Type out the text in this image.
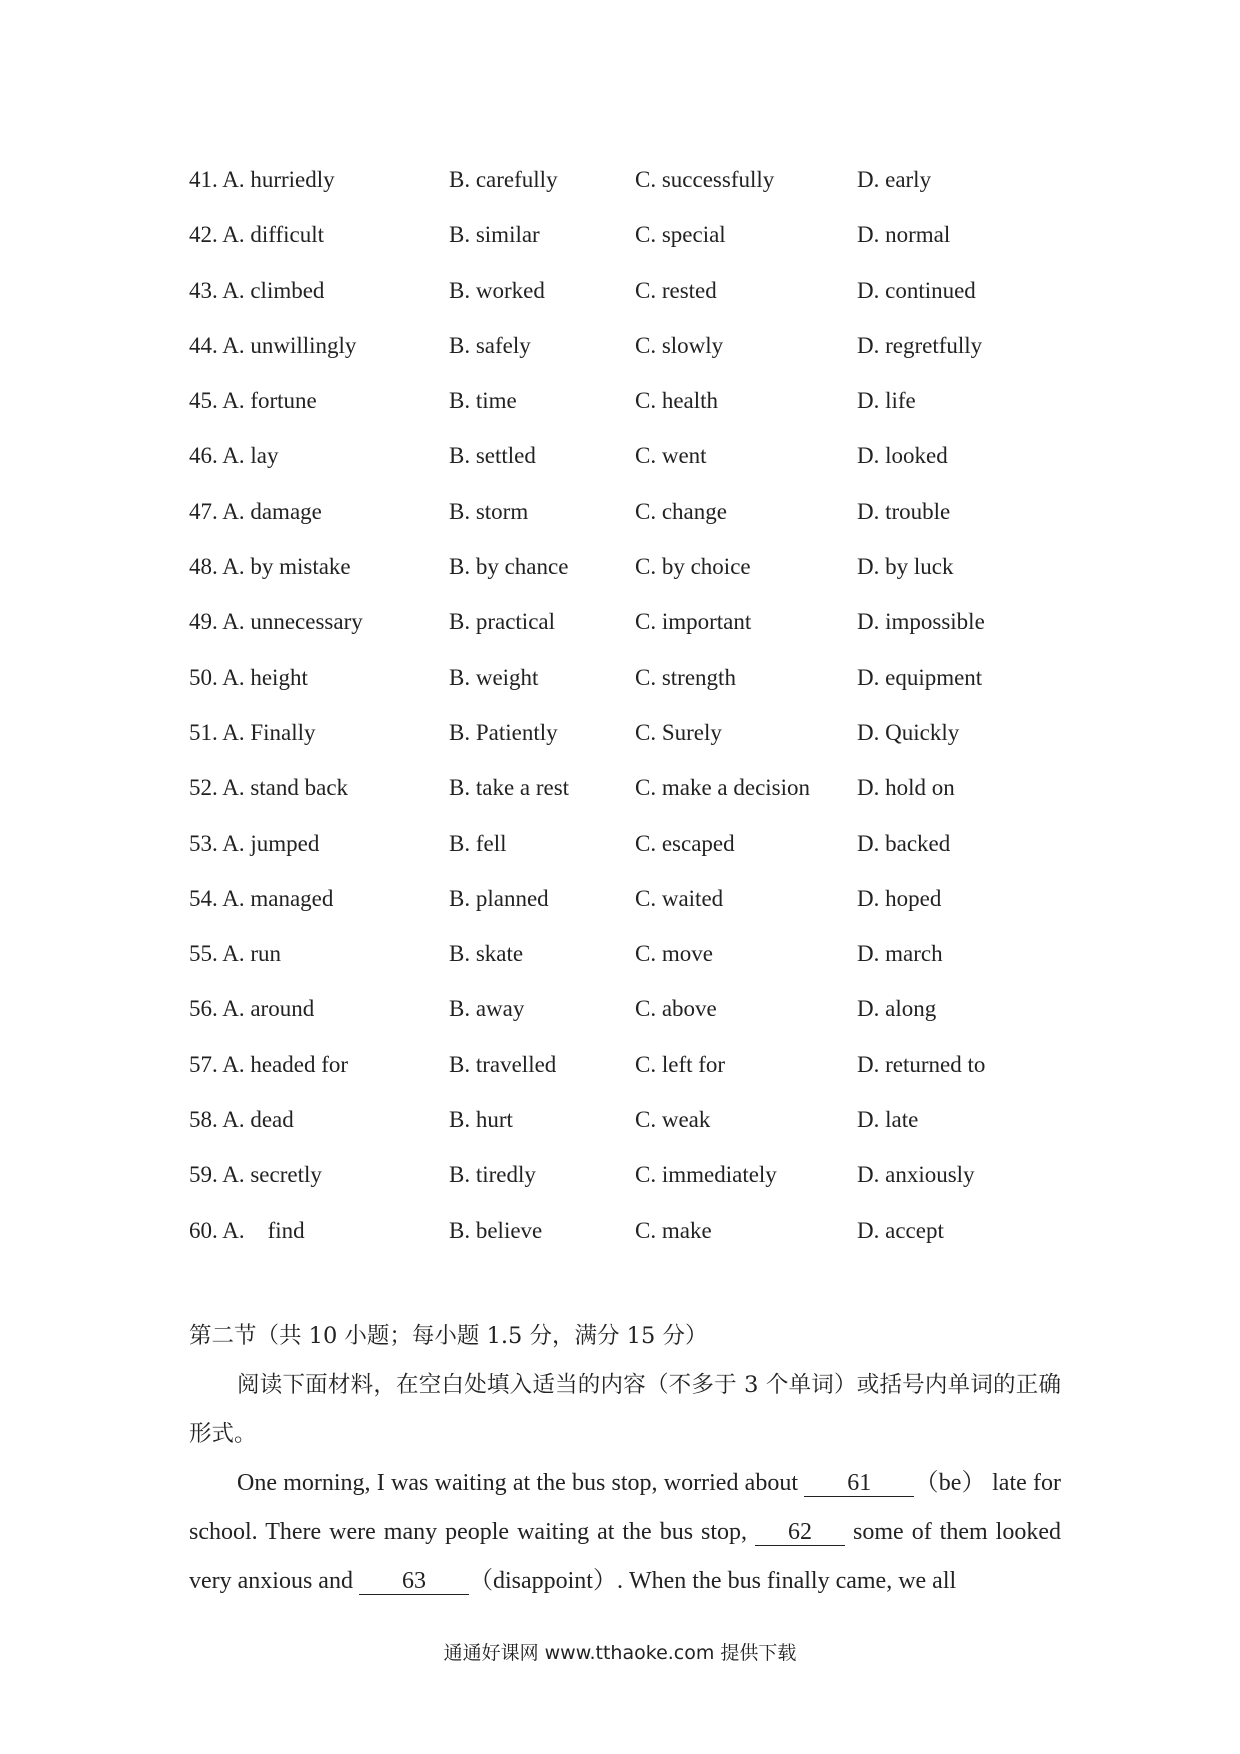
41. A. hurriedly	B. carefully	C. successfully	D. early
42. A. difficult	B. similar	C. special	D. normal
43. A. climbed	B. worked	C. rested	D. continued
44. A. unwillingly	B. safely	C. slowly	D. regretfully
45. A. fortune	B. time	C. health	D. life
46. A. lay	B. settled	C. went	D. looked
47. A. damage	B. storm	C. change	D. trouble
48. A. by mistake	B. by chance	C. by choice	D. by luck
49. A. unnecessary	B. practical	C. important	D. impossible
50. A. height	B. weight	C. strength	D. equipment
51. A. Finally	B. Patiently	C. Surely	D. Quickly
52. A. stand back	B. take a rest	C. make a decision D. hold on
53. A. jumped	B. fell	C. escaped	D. backed
54. A. managed	B. planned	C. waited	D. hoped
55. A. run	B. skate	C. move	D. march
56. A. around	B. away	C. above	D. along
57. A. headed for	B. travelled	C. left for	D. returned to
58. A. dead	B. hurt	C. weak	D. late
59. A. secretly	B. tiredly	C. immediately	D. anxiously
60. A.　find	B. believe	C. make	D. accept

第二节（共 10 小题；每小题 1.5 分，满分 15 分）

阅读下面材料，在空白处填入适当的内容（不多于 3 个单词）或括号内单词的正确形式。

One morning, I was waiting at the bus stop, worried about 61 （be） late for school. There were many people waiting at the bus stop, 62 some of them looked very anxious and 63 （disappoint）. When the bus finally came, we all

通通好课网 www.tthaoke.com 提供下载
